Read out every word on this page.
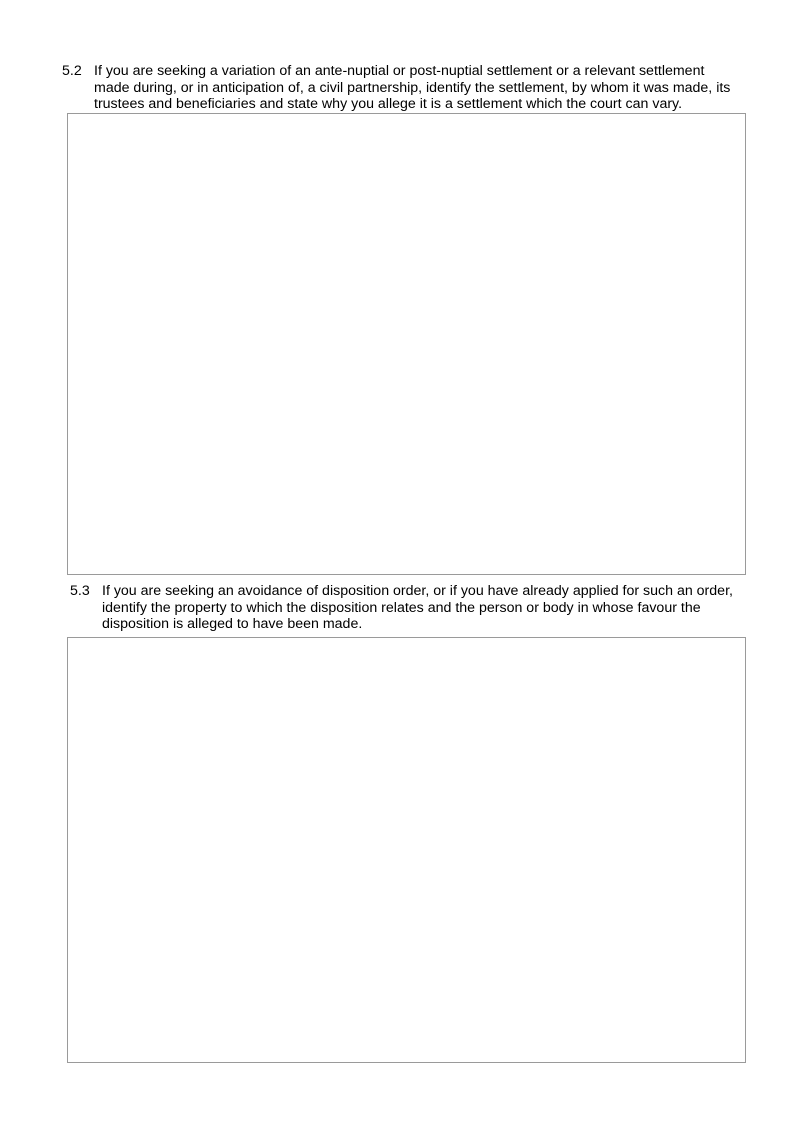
5.2 If you are seeking a variation of an ante-nuptial or post-nuptial settlement or a relevant settlement made during, or in anticipation of, a civil partnership, identify the settlement, by whom it was made, its trustees and beneficiaries and state why you allege it is a settlement which the court can vary.
5.3 If you are seeking an avoidance of disposition order, or if you have already applied for such an order, identify the property to which the disposition relates and the person or body in whose favour the disposition is alleged to have been made.
